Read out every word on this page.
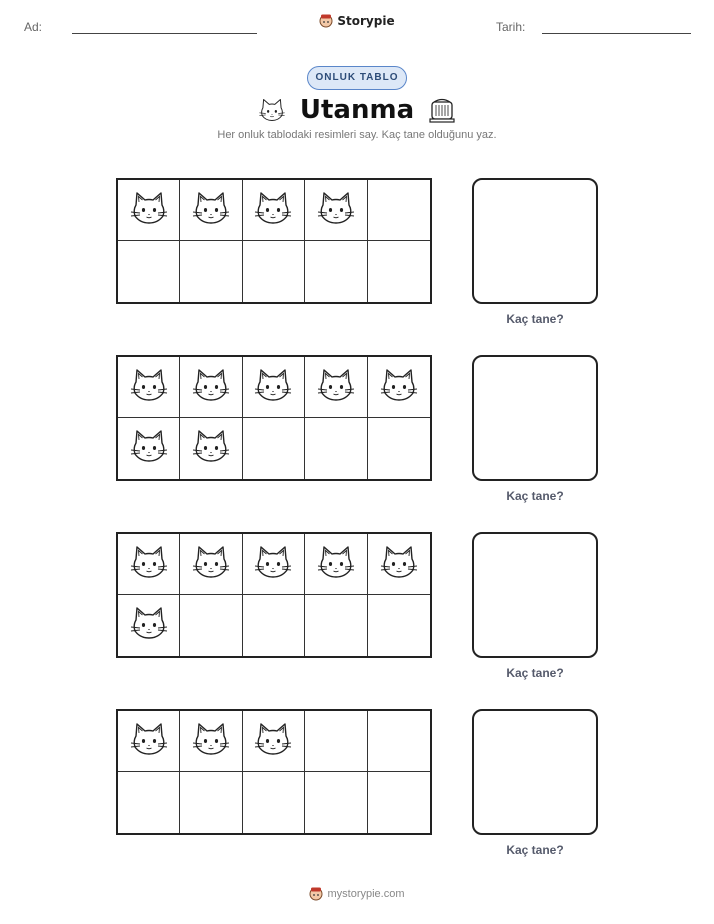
Ad:	Storypie	Tarih:
ONLUK TABLO
Utanma
Her onluk tablodaki resimleri say. Kaç tane olduğunu yaz.
Kaç tane?
Kaç tane?
Kaç tane?
Kaç tane?
mystorypie.com
